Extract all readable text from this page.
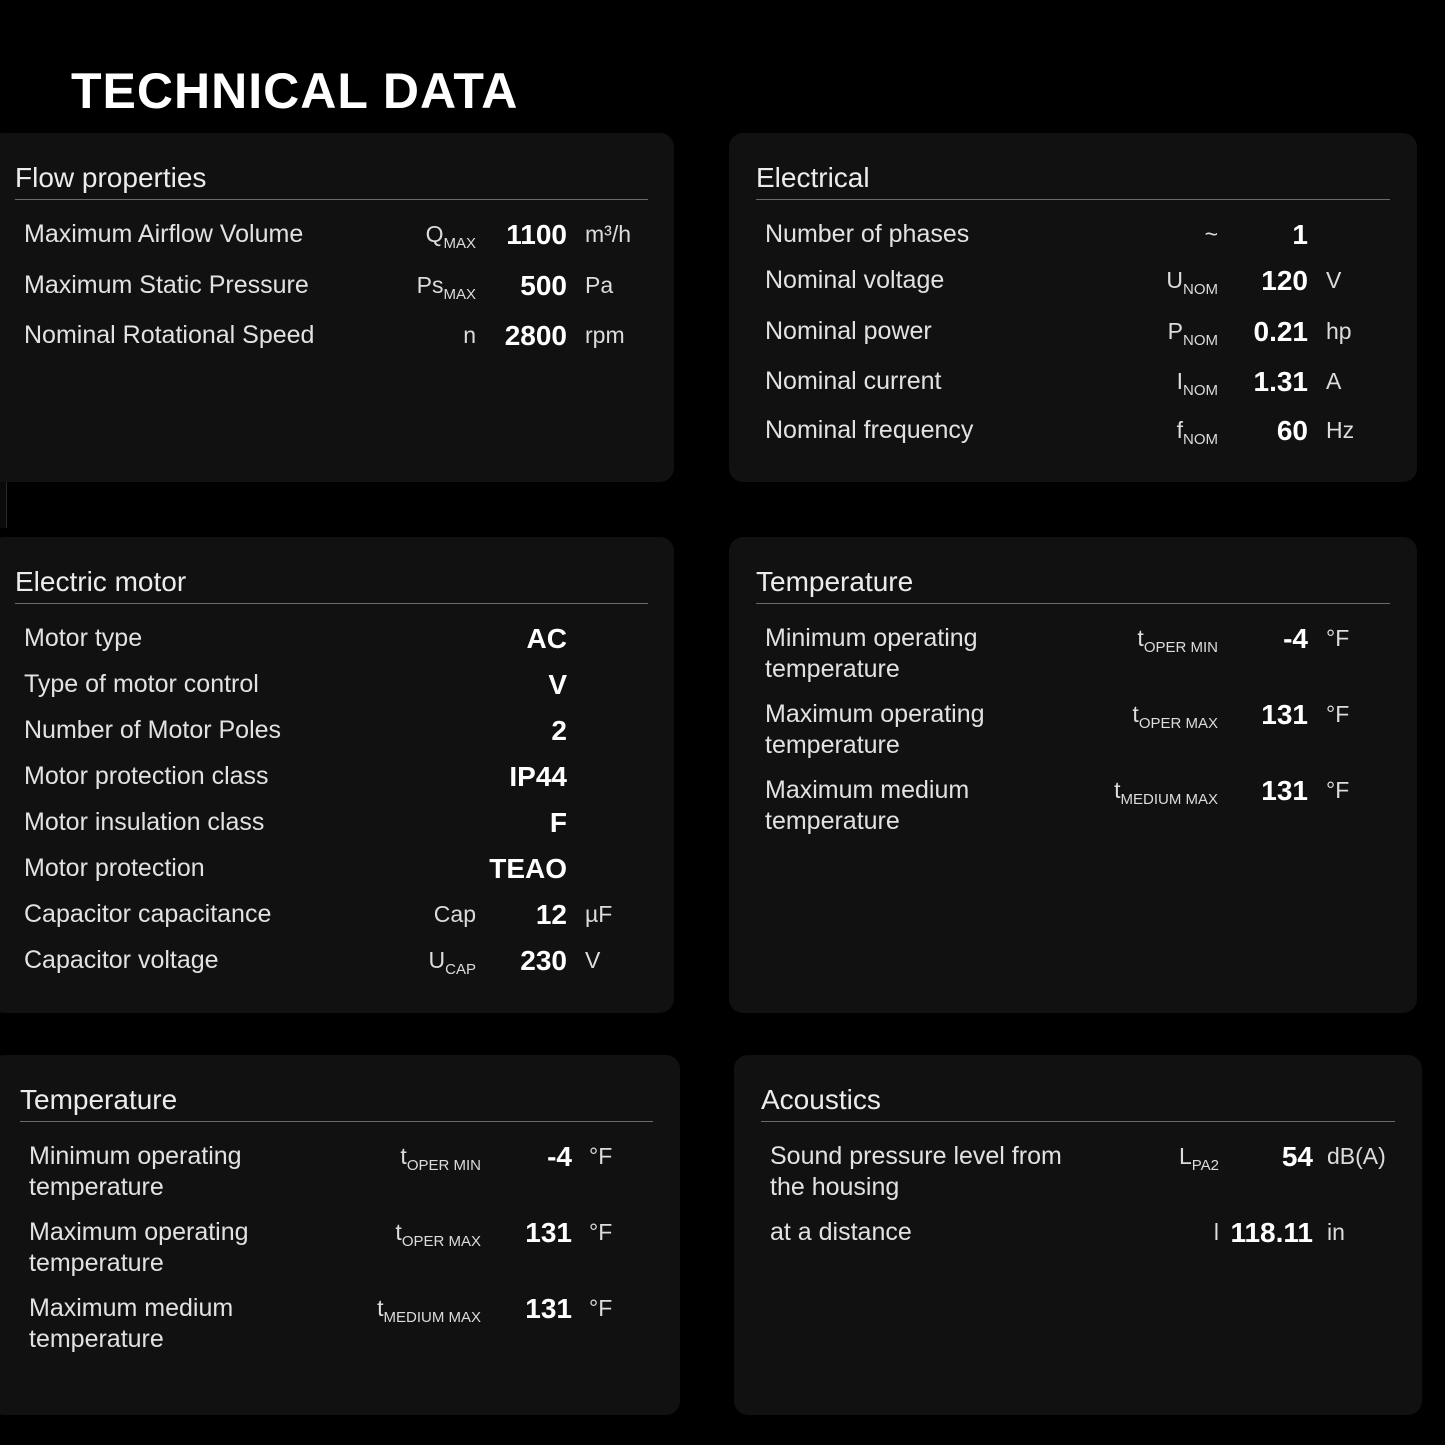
TECHNICAL DATA
Flow properties
Maximum Airflow Volume	$Q_{MAX}$ 1100 m³/h
Maximum Static Pressure	$Ps_{MAX}$ 500 Pa
Nominal Rotational Speed	n 2800 rpm
Electrical
Number of phases	~	1
Nominal voltage	$U_{NOM}$ 120 V
Nominal power	$P_{NOM}$ 0.21 hp
Nominal current	$I_{NOM}$ 1.31 A
Nominal frequency	$f_{NOM}$ 60 Hz
Electric motor
Motor type	AC
Type of motor control	V
Number of Motor Poles	2
Motor protection class	IP44
Motor insulation class	F
Motor protection	TEAO
Capacitor capacitance	Cap 12 µF
Capacitor voltage	$U_{CAP}$ 230 V
Temperature
Minimum operating
temperature
$t_{OPER MIN}$ -4 °F
Maximum operating
temperature
$t_{OPER MAX}$ 131 °F
Maximum medium
temperature
$t_{MEDIUM MAX}$ 131 °F
Temperature
Minimum operating
temperature
$t_{OPER MIN}$ -4 °F
Maximum operating
temperature
$t_{OPER MAX}$ 131 °F
Maximum medium
temperature
$t_{MEDIUM MAX}$ 131 °F
Acoustics
Sound pressure level from
the housing
$L_{PA2}$ 54 dB(A)
at a distance	l 118.11 in
